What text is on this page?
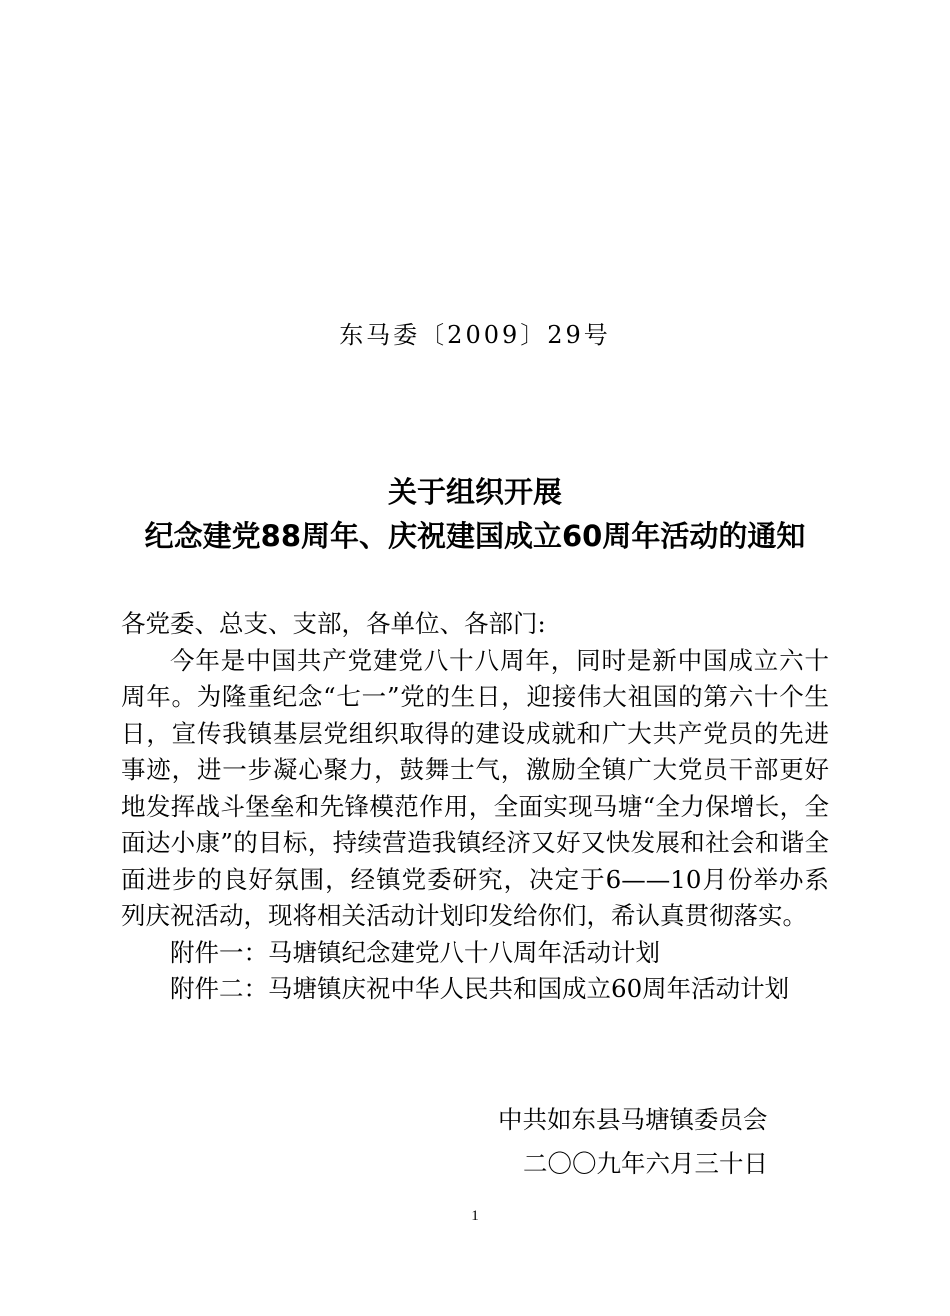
东马委〔2009〕29号
关于组织开展
纪念建党88周年、庆祝建国成立60周年活动的通知
各党委、总支、支部，各单位、各部门:
今年是中国共产党建党八十八周年，同时是新中国成立六十周年。为隆重纪念“七一”党的生日，迎接伟大祖国的第六十个生日，宣传我镇基层党组织取得的建设成就和广大共产党员的先进事迹，进一步凝心聚力，鼓舞士气，激励全镇广大党员干部更好地发挥战斗堡垒和先锋模范作用，全面实现马塘“全力保增长，全面达小康”的目标，持续营造我镇经济又好又快发展和社会和谐全面进步的良好氛围，经镇党委研究，决定于6——10月份举办系列庆祝活动，现将相关活动计划印发给你们，希认真贯彻落实。
附件一：马塘镇纪念建党八十八周年活动计划
附件二：马塘镇庆祝中华人民共和国成立60周年活动计划
中共如东县马塘镇委员会
二〇〇九年六月三十日
1
